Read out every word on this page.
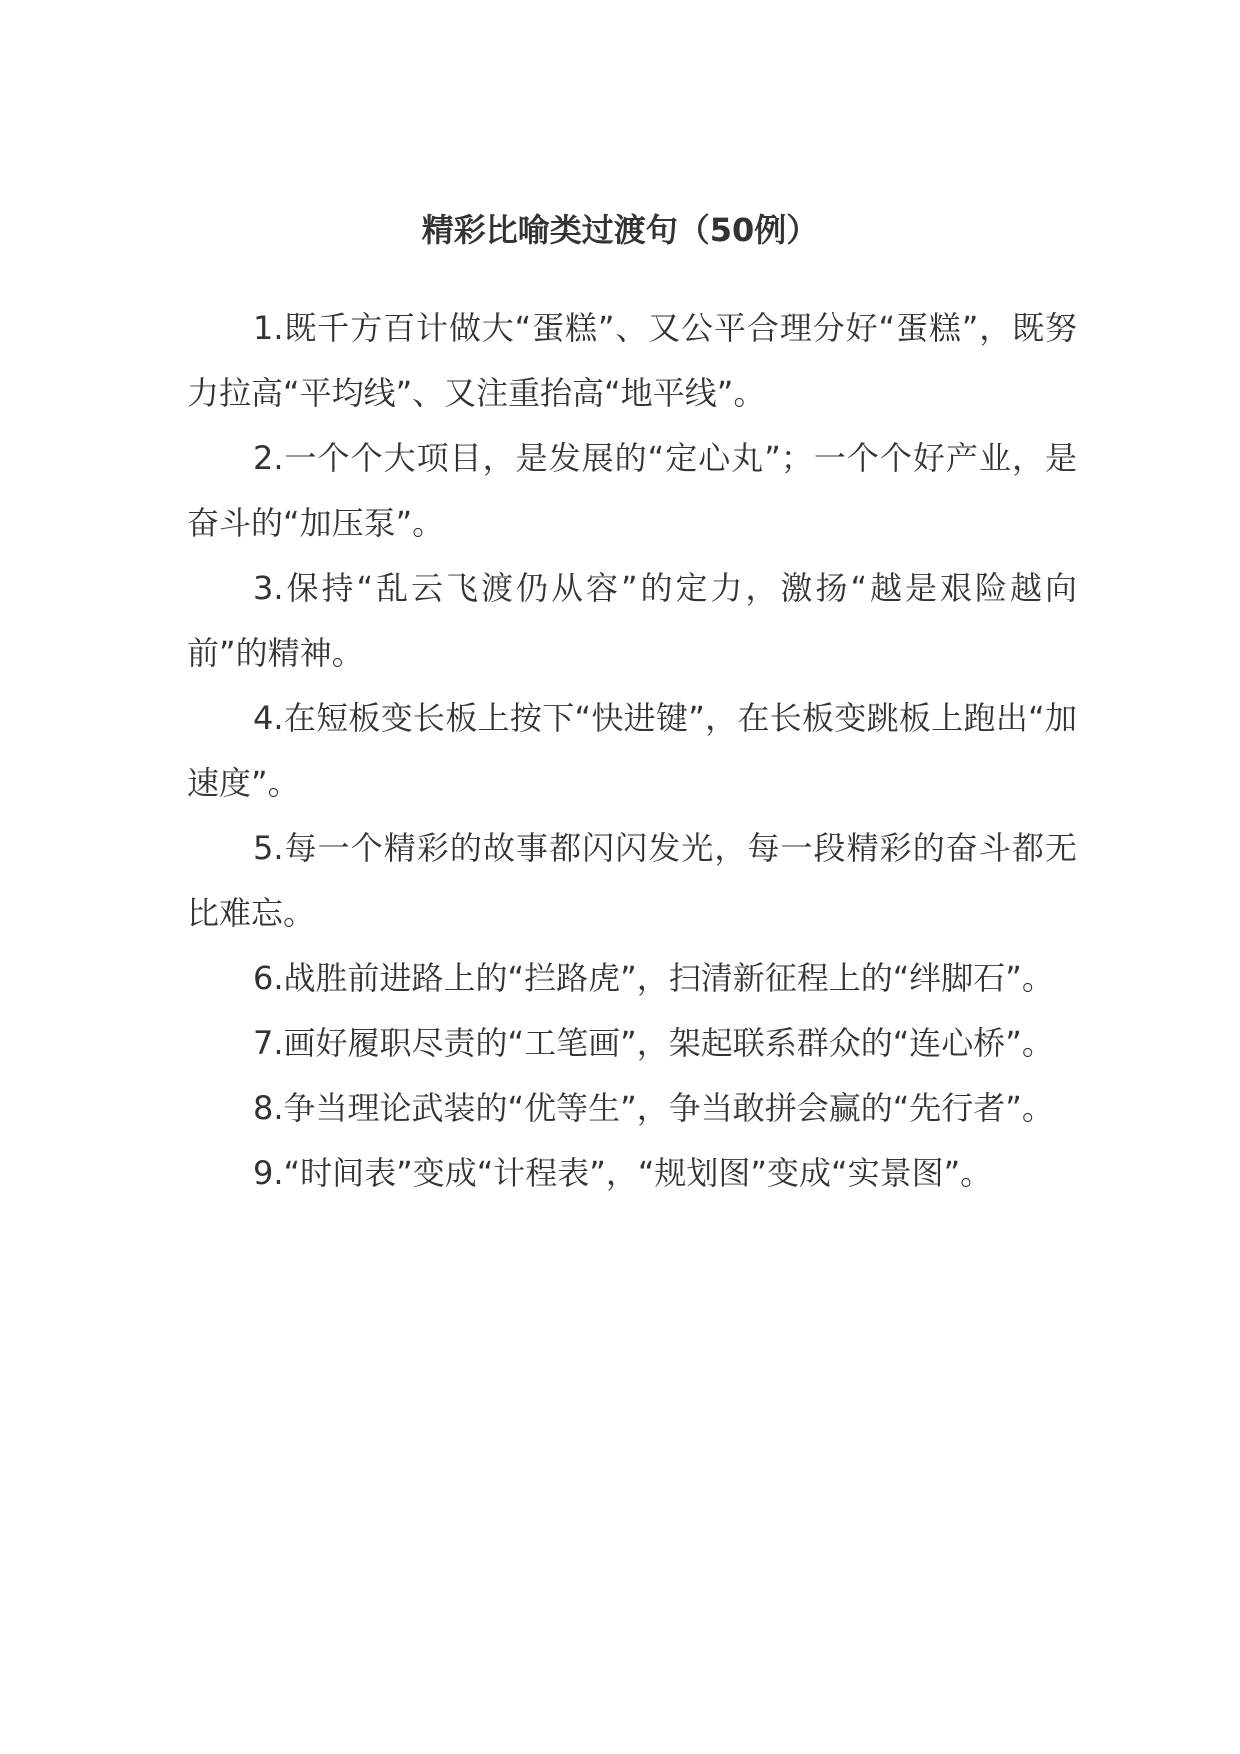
精彩比喻类过渡句（50例）

1.既千方百计做大“蛋糕”、又公平合理分好“蛋糕”，既努力拉高“平均线”、又注重抬高“地平线”。

2.一个个大项目，是发展的“定心丸”；一个个好产业，是奋斗的“加压泵”。

3.保持“乱云飞渡仍从容”的定力，激扬“越是艰险越向前”的精神。

4.在短板变长板上按下“快进键”，在长板变跳板上跑出“加速度”。

5.每一个精彩的故事都闪闪发光，每一段精彩的奋斗都无比难忘。

6.战胜前进路上的“拦路虎”，扫清新征程上的“绊脚石”。

7.画好履职尽责的“工笔画”，架起联系群众的“连心桥”。

8.争当理论武装的“优等生”，争当敢拼会赢的“先行者”。

9.“时间表”变成“计程表”，“规划图”变成“实景图”。
